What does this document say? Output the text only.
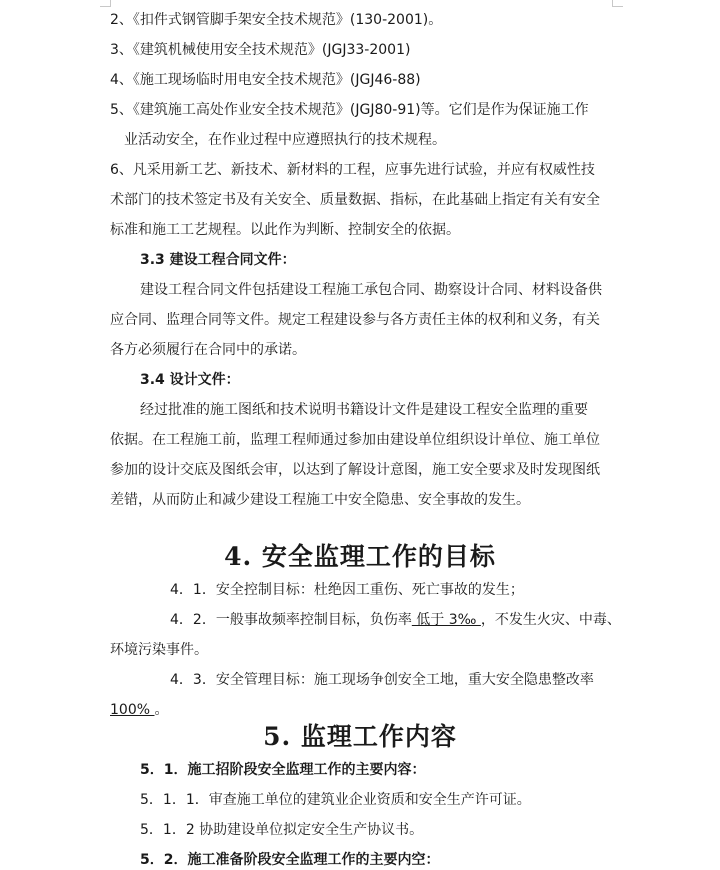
2、《扣件式钢管脚手架安全技术规范》(130-2001)。
3、《建筑机械使用安全技术规范》(JGJ33-2001)
4、《施工现场临时用电安全技术规范》(JGJ46-88)
5、《建筑施工高处作业安全技术规范》(JGJ80-91)等。它们是作为保证施工作
业活动安全，在作业过程中应遵照执行的技术规程。
6、凡采用新工艺、新技术、新材料的工程，应事先进行试验，并应有权威性技
术部门的技术签定书及有关安全、质量数据、指标，在此基础上指定有关有安全
标准和施工工艺规程。以此作为判断、控制安全的依据。
3.3 建设工程合同文件：
建设工程合同文件包括建设工程施工承包合同、勘察设计合同、材料设备供
应合同、监理合同等文件。规定工程建设参与各方责任主体的权利和义务，有关
各方必须履行在合同中的承诺。
3.4 设计文件：
经过批准的施工图纸和技术说明书籍设计文件是建设工程安全监理的重要
依据。在工程施工前，监理工程师通过参加由建设单位组织设计单位、施工单位
参加的设计交底及图纸会审，以达到了解设计意图，施工安全要求及时发现图纸
差错，从而防止和减少建设工程施工中安全隐患、安全事故的发生。
4. 安全监理工作的目标
4．1．安全控制目标：杜绝因工重伤、死亡事故的发生；
4．2．一般事故频率控制目标，负伤率 低于 3‰ ，不发生火灾、中毒、
环境污染事件。
4．3．安全管理目标：施工现场争创安全工地，重大安全隐患整改率
100% 。
5. 监理工作内容
5．1．施工招阶段安全监理工作的主要内容：
5．1．1．审查施工单位的建筑业企业资质和安全生产许可证。
5．1．2 协助建设单位拟定安全生产协议书。
5．2．施工准备阶段安全监理工作的主要内空：
